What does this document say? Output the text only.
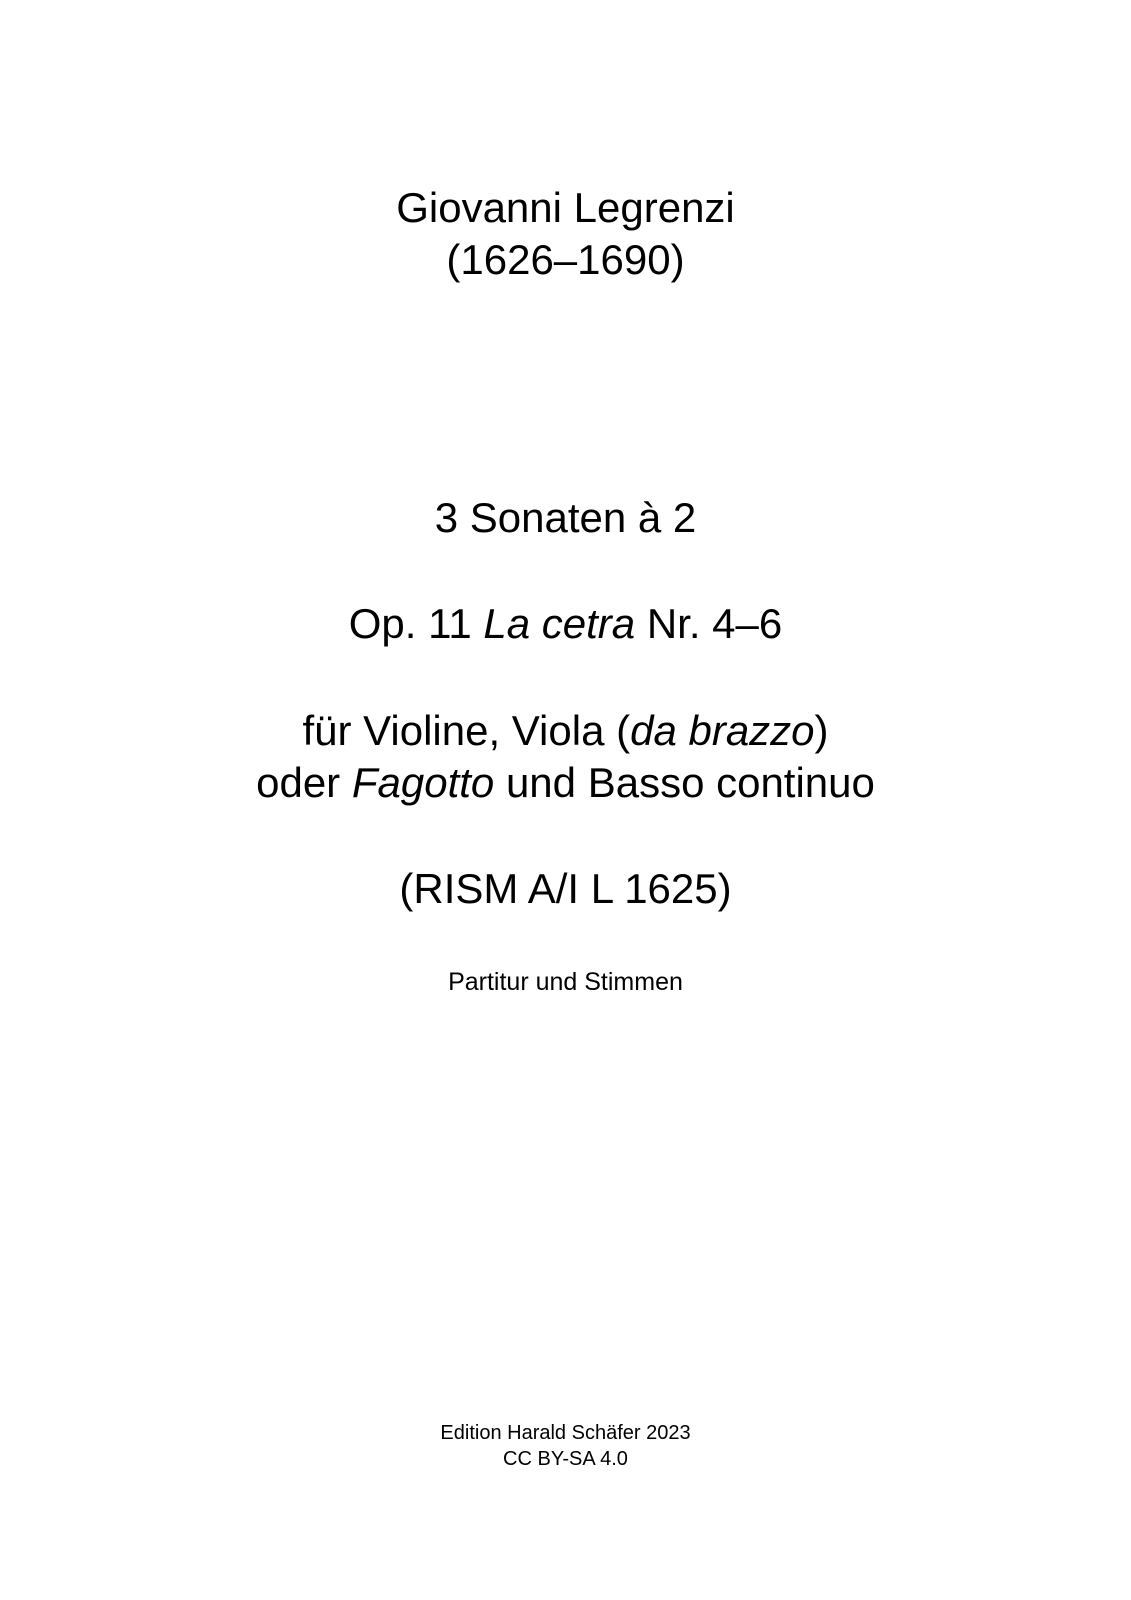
Giovanni Legrenzi
(1626–1690)
3 Sonaten à 2
Op. 11 La cetra Nr. 4–6
für Violine, Viola (da brazzo)
oder Fagotto und Basso continuo
(RISM A/I L 1625)
Partitur und Stimmen
Edition Harald Schäfer 2023
CC BY-SA 4.0
